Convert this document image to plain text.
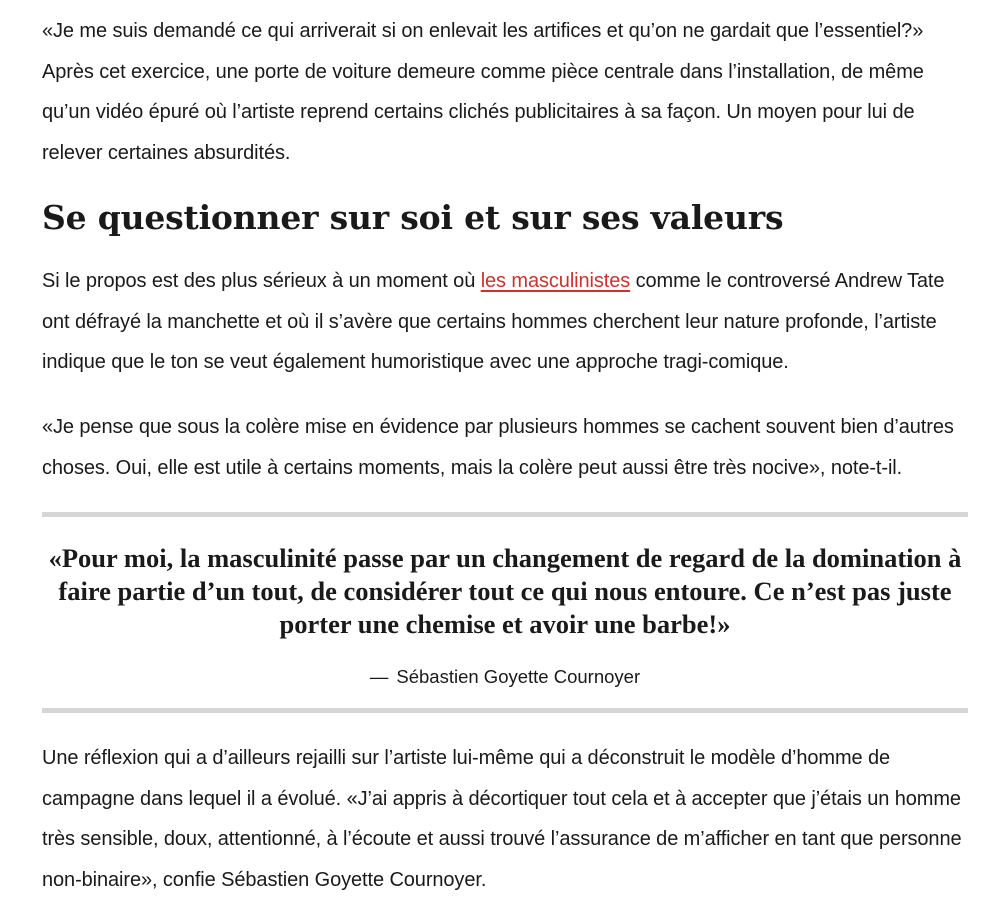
«Je me suis demandé ce qui arriverait si on enlevait les artifices et qu’on ne gardait que l’essentiel?» Après cet exercice, une porte de voiture demeure comme pièce centrale dans l’installation, de même qu’un vidéo épuré où l’artiste reprend certains clichés publicitaires à sa façon. Un moyen pour lui de relever certaines absurdités.

Se questionner sur soi et sur ses valeurs

Si le propos est des plus sérieux à un moment où les masculinistes comme le controversé Andrew Tate ont défrayé la manchette et où il s’avère que certains hommes cherchent leur nature profonde, l’artiste indique que le ton se veut également humoristique avec une approche tragi-comique.

«Je pense que sous la colère mise en évidence par plusieurs hommes se cachent souvent bien d’autres choses. Oui, elle est utile à certains moments, mais la colère peut aussi être très nocive», note-t-il.

«Pour moi, la masculinité passe par un changement de regard de la domination à faire partie d’un tout, de considérer tout ce qui nous entoure. Ce n’est pas juste porter une chemise et avoir une barbe!»
— Sébastien Goyette Cournoyer

Une réflexion qui a d’ailleurs rejailli sur l’artiste lui-même qui a déconstruit le modèle d’homme de campagne dans lequel il a évolué. «J’ai appris à décortiquer tout cela et à accepter que j’étais un homme très sensible, doux, attentionné, à l’écoute et aussi trouvé l’assurance de m’afficher en tant que personne non-binaire», confie Sébastien Goyette Cournoyer.
